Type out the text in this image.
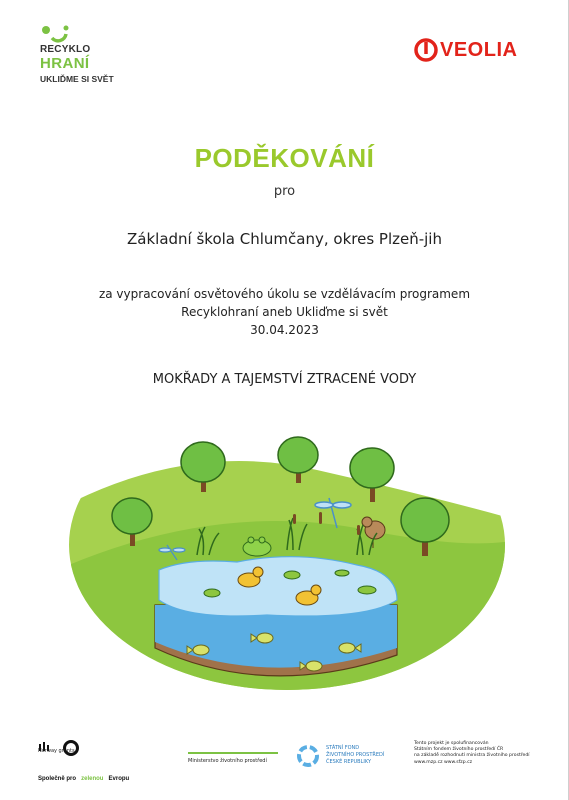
RECYKLO
HRANÍ
UKLIĎME SI SVĚT
VEOLIA
PODĚKOVÁNÍ
pro
Základní škola Chlumčany, okres Plzeň-jih
za vypracování osvětového úkolu se vzdělávacím programem
Recyklohraní aneb Ukliďme si svět
30.04.2023
MOKŘADY A TAJEMSTVÍ ZTRACENÉ VODY
Norway grants
Společně pro zelenou Evropu
Ministerstvo životního prostředí
STÁTNÍ FOND
ŽIVOTNÍHO PROSTŘEDÍ
ČESKÉ REPUBLIKY
Tento projekt je spolufinancován
Státním fondem životního prostředí ČR
na základě rozhodnutí ministra životního prostředí
www.mzp.cz www.sfzp.cz
